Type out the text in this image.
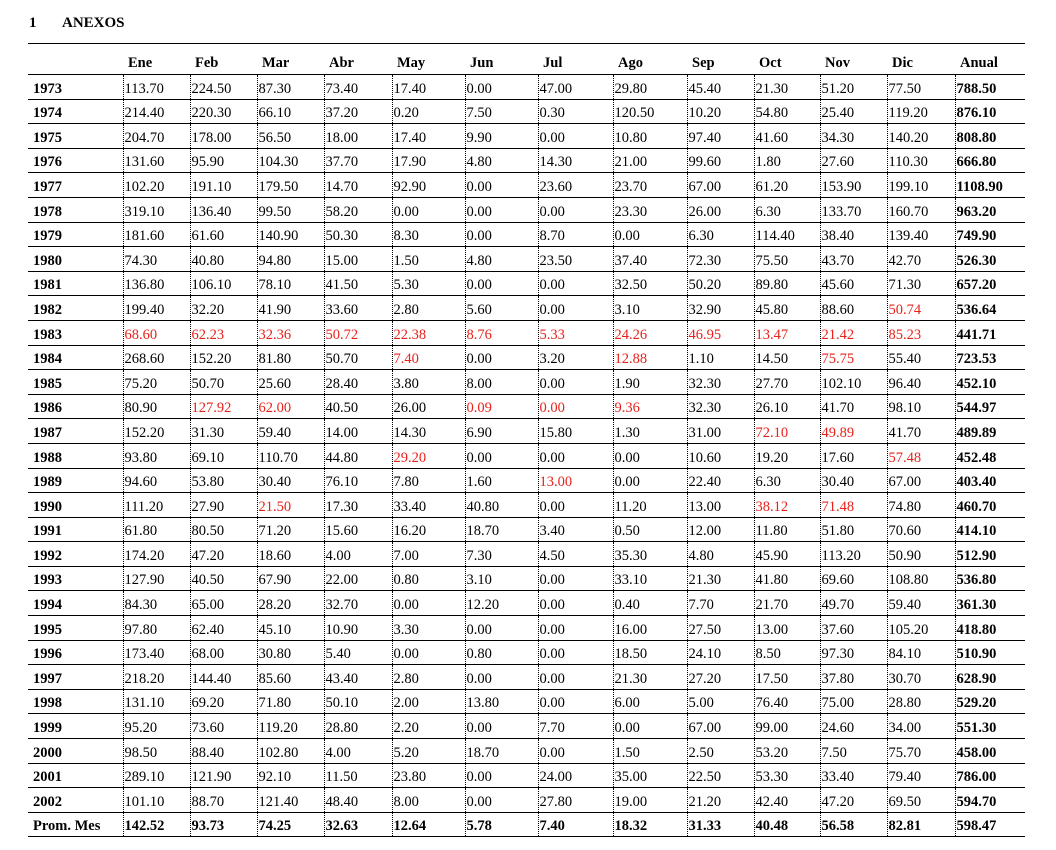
1	ANEXOS
	Ene	Feb	Mar	Abr	May	Jun	Jul	Ago	Sep	Oct	Nov	Dic	Anual
1973	113.70	224.50	87.30	73.40	17.40	0.00	47.00	29.80	45.40	21.30	51.20	77.50	788.50
1974	214.40	220.30	66.10	37.20	0.20	7.50	0.30	120.50	10.20	54.80	25.40	119.20	876.10
1975	204.70	178.00	56.50	18.00	17.40	9.90	0.00	10.80	97.40	41.60	34.30	140.20	808.80
1976	131.60	95.90	104.30	37.70	17.90	4.80	14.30	21.00	99.60	1.80	27.60	110.30	666.80
1977	102.20	191.10	179.50	14.70	92.90	0.00	23.60	23.70	67.00	61.20	153.90	199.10	1108.90
1978	319.10	136.40	99.50	58.20	0.00	0.00	0.00	23.30	26.00	6.30	133.70	160.70	963.20
1979	181.60	61.60	140.90	50.30	8.30	0.00	8.70	0.00	6.30	114.40	38.40	139.40	749.90
1980	74.30	40.80	94.80	15.00	1.50	4.80	23.50	37.40	72.30	75.50	43.70	42.70	526.30
1981	136.80	106.10	78.10	41.50	5.30	0.00	0.00	32.50	50.20	89.80	45.60	71.30	657.20
1982	199.40	32.20	41.90	33.60	2.80	5.60	0.00	3.10	32.90	45.80	88.60	50.74	536.64
1983	68.60	62.23	32.36	50.72	22.38	8.76	5.33	24.26	46.95	13.47	21.42	85.23	441.71
1984	268.60	152.20	81.80	50.70	7.40	0.00	3.20	12.88	1.10	14.50	75.75	55.40	723.53
1985	75.20	50.70	25.60	28.40	3.80	8.00	0.00	1.90	32.30	27.70	102.10	96.40	452.10
1986	80.90	127.92	62.00	40.50	26.00	0.09	0.00	9.36	32.30	26.10	41.70	98.10	544.97
1987	152.20	31.30	59.40	14.00	14.30	6.90	15.80	1.30	31.00	72.10	49.89	41.70	489.89
1988	93.80	69.10	110.70	44.80	29.20	0.00	0.00	0.00	10.60	19.20	17.60	57.48	452.48
1989	94.60	53.80	30.40	76.10	7.80	1.60	13.00	0.00	22.40	6.30	30.40	67.00	403.40
1990	111.20	27.90	21.50	17.30	33.40	40.80	0.00	11.20	13.00	38.12	71.48	74.80	460.70
1991	61.80	80.50	71.20	15.60	16.20	18.70	3.40	0.50	12.00	11.80	51.80	70.60	414.10
1992	174.20	47.20	18.60	4.00	7.00	7.30	4.50	35.30	4.80	45.90	113.20	50.90	512.90
1993	127.90	40.50	67.90	22.00	0.80	3.10	0.00	33.10	21.30	41.80	69.60	108.80	536.80
1994	84.30	65.00	28.20	32.70	0.00	12.20	0.00	0.40	7.70	21.70	49.70	59.40	361.30
1995	97.80	62.40	45.10	10.90	3.30	0.00	0.00	16.00	27.50	13.00	37.60	105.20	418.80
1996	173.40	68.00	30.80	5.40	0.00	0.80	0.00	18.50	24.10	8.50	97.30	84.10	510.90
1997	218.20	144.40	85.60	43.40	2.80	0.00	0.00	21.30	27.20	17.50	37.80	30.70	628.90
1998	131.10	69.20	71.80	50.10	2.00	13.80	0.00	6.00	5.00	76.40	75.00	28.80	529.20
1999	95.20	73.60	119.20	28.80	2.20	0.00	7.70	0.00	67.00	99.00	24.60	34.00	551.30
2000	98.50	88.40	102.80	4.00	5.20	18.70	0.00	1.50	2.50	53.20	7.50	75.70	458.00
2001	289.10	121.90	92.10	11.50	23.80	0.00	24.00	35.00	22.50	53.30	33.40	79.40	786.00
2002	101.10	88.70	121.40	48.40	8.00	0.00	27.80	19.00	21.20	42.40	47.20	69.50	594.70
Prom. Mes	142.52	93.73	74.25	32.63	12.64	5.78	7.40	18.32	31.33	40.48	56.58	82.81	598.47
